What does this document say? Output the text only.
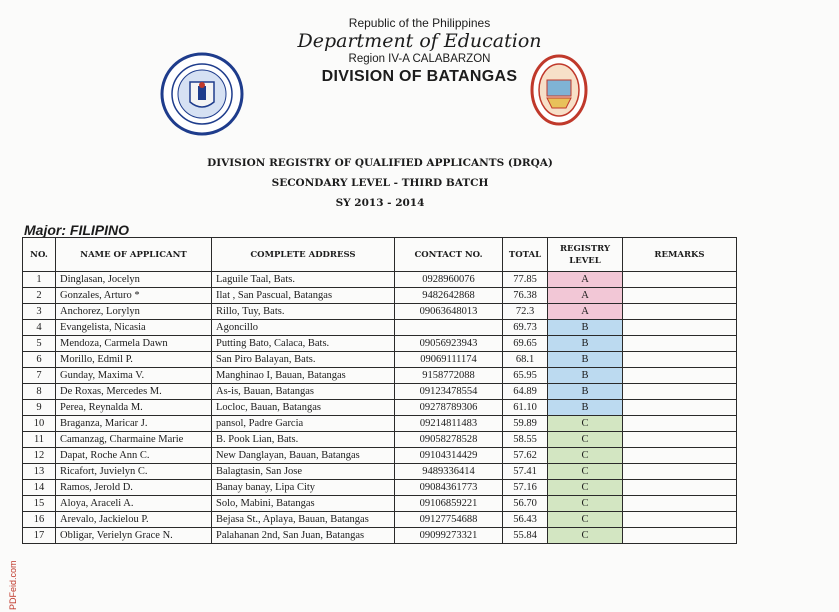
Republic of the Philippines
Department of Education
Region IV-A CALABARZON
DIVISION OF BATANGAS
DIVISION REGISTRY OF QUALIFIED APPLICANTS (DRQA)
SECONDARY LEVEL - THIRD BATCH
SY 2013 - 2014
Major: FILIPINO
NO.	NAME OF APPLICANT	COMPLETE ADDRESS	CONTACT NO.	TOTAL	REGISTRY LEVEL	REMARKS
1	Dinglasan, Jocelyn	Laguile Taal, Bats.	0928960076	77.85	A	
2	Gonzales, Arturo *	Ilat , San Pascual, Batangas	9482642868	76.38	A	
3	Anchorez, Lorylyn	Rillo, Tuy, Bats.	09063648013	72.3	A	
4	Evangelista, Nicasia	Agoncillo		69.73	B	
5	Mendoza, Carmela Dawn	Putting Bato, Calaca, Bats.	09056923943	69.65	B	
6	Morillo, Edmil P.	San Piro Balayan, Bats.	09069111174	68.1	B	
7	Gunday, Maxima V.	Manghinao I, Bauan, Batangas	9158772088	65.95	B	
8	De Roxas, Mercedes M.	As-is, Bauan, Batangas	09123478554	64.89	B	
9	Perea, Reynalda M.	Locloc, Bauan, Batangas	09278789306	61.10	B	
10	Braganza, Maricar J.	pansol, Padre Garcia	09214811483	59.89	C	
11	Camanzag, Charmaine Marie	B. Pook Lian, Bats.	09058278528	58.55	C	
12	Dapat, Roche Ann C.	New Danglayan, Bauan, Batangas	09104314429	57.62	C	
13	Ricafort, Juvielyn C.	Balagtasin, San Jose	9489336414	57.41	C	
14	Ramos, Jerold D.	Banay banay, Lipa City	09084361773	57.16	C	
15	Aloya, Araceli A.	Solo, Mabini, Batangas	09106859221	56.70	C	
16	Arevalo, Jackielou P.	Bejasa St., Aplaya, Bauan, Batangas	09127754688	56.43	C	
17	Obligar, Verielyn Grace N.	Palahanan 2nd, San Juan, Batangas	09099273321	55.84	C	
PDFeid.com
